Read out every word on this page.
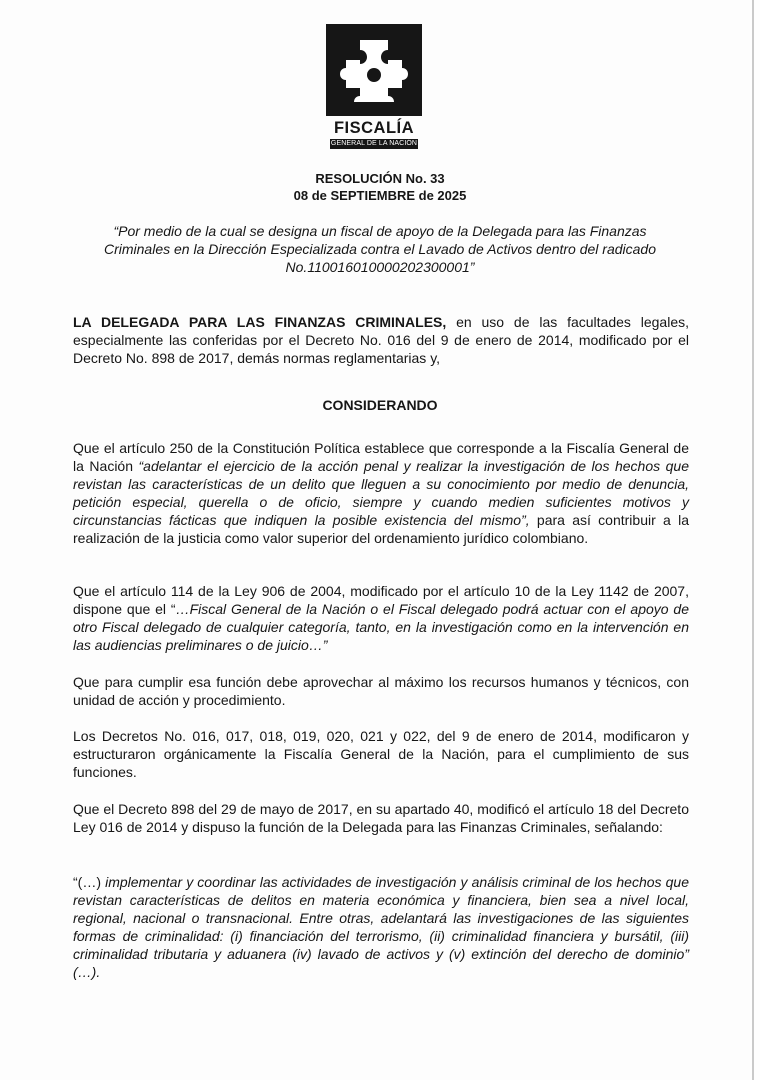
FISCALÍA
GENERAL DE LA NACIÓN
RESOLUCIÓN No. 33
08 de SEPTIEMBRE de 2025
“Por medio de la cual se designa un fiscal de apoyo de la Delegada para las Finanzas Criminales en la Dirección Especializada contra el Lavado de Activos dentro del radicado No.110016010000202300001”

LA DELEGADA PARA LAS FINANZAS CRIMINALES, en uso de las facultades legales, especialmente las conferidas por el Decreto No. 016 del 9 de enero de 2014, modificado por el Decreto No. 898 de 2017, demás normas reglamentarias y,

CONSIDERANDO

Que el artículo 250 de la Constitución Política establece que corresponde a la Fiscalía General de la Nación “adelantar el ejercicio de la acción penal y realizar la investigación de los hechos que revistan las características de un delito que lleguen a su conocimiento por medio de denuncia, petición especial, querella o de oficio, siempre y cuando medien suficientes motivos y circunstancias fácticas que indiquen la posible existencia del mismo”, para así contribuir a la realización de la justicia como valor superior del ordenamiento jurídico colombiano.

Que el artículo 114 de la Ley 906 de 2004, modificado por el artículo 10 de la Ley 1142 de 2007, dispone que el “…Fiscal General de la Nación o el Fiscal delegado podrá actuar con el apoyo de otro Fiscal delegado de cualquier categoría, tanto, en la investigación como en la intervención en las audiencias preliminares o de juicio…”

Que para cumplir esa función debe aprovechar al máximo los recursos humanos y técnicos, con unidad de acción y procedimiento.

Los Decretos No. 016, 017, 018, 019, 020, 021 y 022, del 9 de enero de 2014, modificaron y estructuraron orgánicamente la Fiscalía General de la Nación, para el cumplimiento de sus funciones.

Que el Decreto 898 del 29 de mayo de 2017, en su apartado 40, modificó el artículo 18 del Decreto Ley 016 de 2014 y dispuso la función de la Delegada para las Finanzas Criminales, señalando:

“(…) implementar y coordinar las actividades de investigación y análisis criminal de los hechos que revistan características de delitos en materia económica y financiera, bien sea a nivel local, regional, nacional o transnacional. Entre otras, adelantará las investigaciones de las siguientes formas de criminalidad: (i) financiación del terrorismo, (ii) criminalidad financiera y bursátil, (iii) criminalidad tributaria y aduanera (iv) lavado de activos y (v) extinción del derecho de dominio” (…).
